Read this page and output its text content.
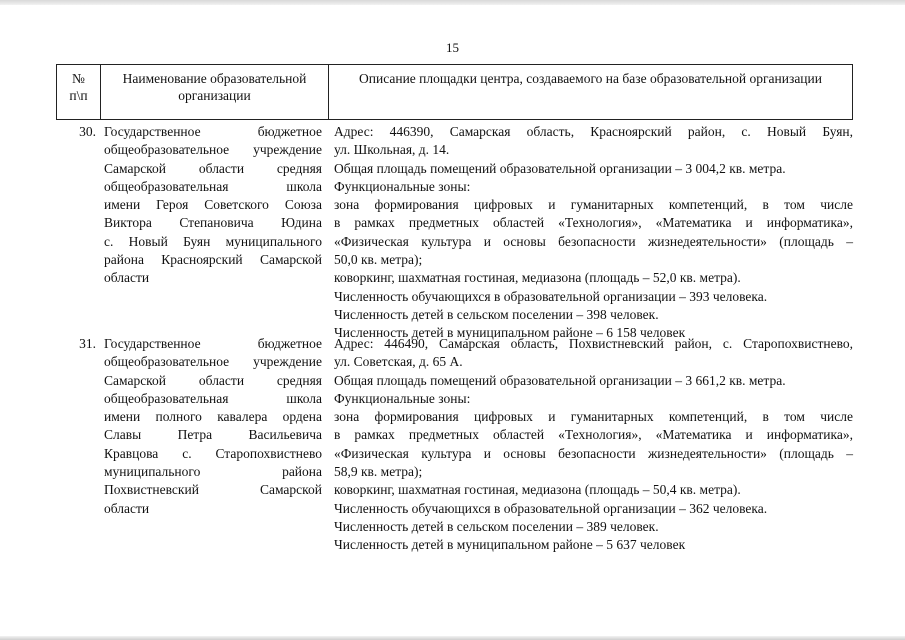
15
№
п\п
Наименование образовательной
организации
Описание площадки центра, создаваемого на базе образовательной организации
30. Государственное бюджетное
общеобразовательное учреждение
Самарской области средняя
общеобразовательная школа
имени Героя Советского Союза
Виктора Степановича Юдина
с. Новый Буян муниципального
района Красноярский Самарской
области
Адрес: 446390, Самарская область, Красноярский район, с. Новый Буян,
ул. Школьная, д. 14.
Общая площадь помещений образовательной организации – 3 004,2 кв. метра.
Функциональные зоны:
зона формирования цифровых и гуманитарных компетенций, в том числе
в рамках предметных областей «Технология», «Математика и информатика»,
«Физическая культура и основы безопасности жизнедеятельности» (площадь –
50,0 кв. метра);
коворкинг, шахматная гостиная, медиазона (площадь – 52,0 кв. метра).
Численность обучающихся в образовательной организации – 393 человека.
Численность детей в сельском поселении – 398 человек.
Численность детей в муниципальном районе – 6 158 человек
31. Государственное бюджетное
общеобразовательное учреждение
Самарской области средняя
общеобразовательная школа
имени полного кавалера ордена
Славы Петра Васильевича
Кравцова с. Старопохвистнево
муниципального района
Похвистневский Самарской
области
Адрес: 446490, Самарская область, Похвистневский район, с. Старопохвистнево,
ул. Советская, д. 65 А.
Общая площадь помещений образовательной организации – 3 661,2 кв. метра.
Функциональные зоны:
зона формирования цифровых и гуманитарных компетенций, в том числе
в рамках предметных областей «Технология», «Математика и информатика»,
«Физическая культура и основы безопасности жизнедеятельности» (площадь –
58,9 кв. метра);
коворкинг, шахматная гостиная, медиазона (площадь – 50,4 кв. метра).
Численность обучающихся в образовательной организации – 362 человека.
Численность детей в сельском поселении – 389 человек.
Численность детей в муниципальном районе – 5 637 человек
